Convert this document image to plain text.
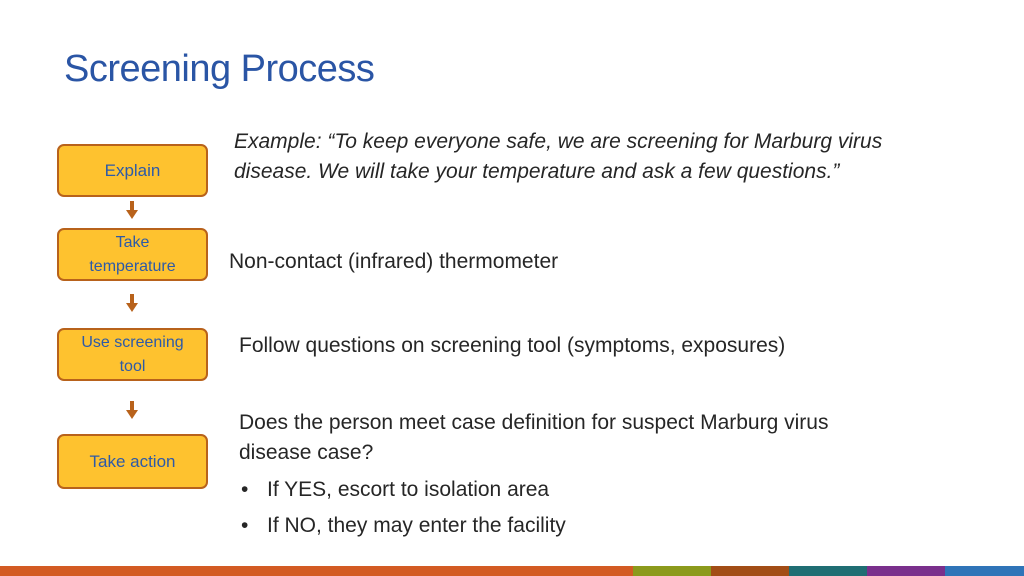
Screening Process
Explain
Take temperature
Use screening tool
Take action
Example: “To keep everyone safe, we are screening for Marburg virus disease. We will take your temperature and ask a few questions.”
Non-contact (infrared) thermometer
Follow questions on screening tool (symptoms, exposures)
Does the person meet case definition for suspect Marburg virus disease case?
• If YES, escort to isolation area
• If NO, they may enter the facility
